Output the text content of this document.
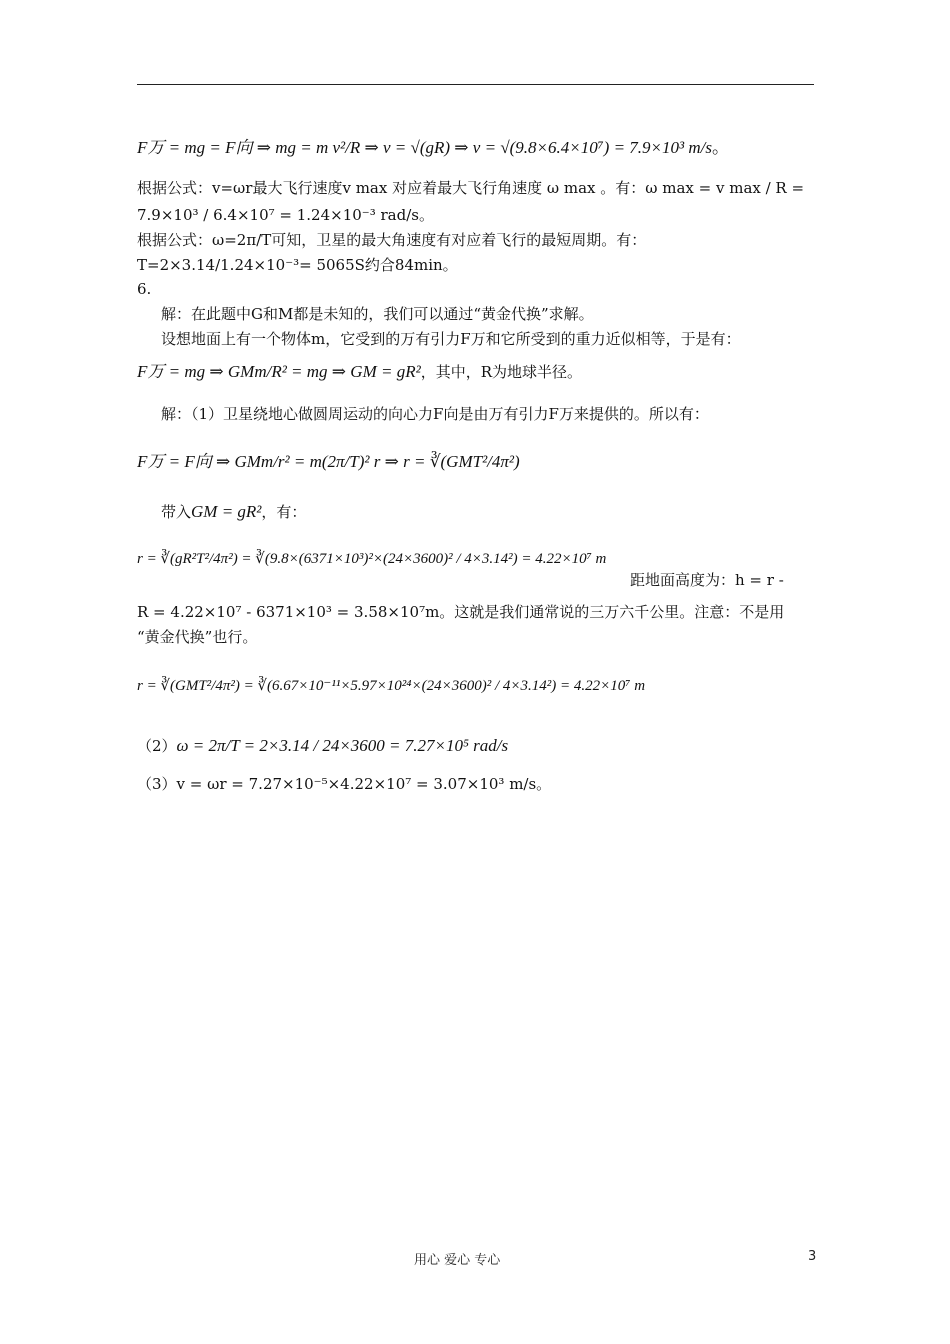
F万 = mg = F向 ⇒ mg = m v²/R ⇒ v = √(gR) ⇒ v = √(9.8×6.4×10⁷) = 7.9×10³ m/s。
根据公式：v=ωr最大飞行速度v max 对应着最大飞行角速度 ω max 。有：ω max = v max / R =
7.9×10³ / 6.4×10⁷ = 1.24×10⁻³ rad/s。
根据公式：ω=2π/T可知，卫星的最大角速度有对应着飞行的最短周期。有：
T=2×3.14/1.24×10⁻³= 5065S约合84min。
6.
解：在此题中G和M都是未知的，我们可以通过“黄金代换”求解。
设想地面上有一个物体m，它受到的万有引力F万和它所受到的重力近似相等，于是有：
F万 = mg ⇒ GMm/R² = mg ⇒ GM = gR²，其中，R为地球半径。
解：（1）卫星绕地心做圆周运动的向心力F向是由万有引力F万来提供的。所以有：
F万 = F向 ⇒ GMm/r² = m(2π/T)² r ⇒ r = ∛(GMT²/4π²)
带入GM = gR²，有：
r = ∛(gR²T²/4π²) = ∛(9.8×(6371×10³)²×(24×3600)² / 4×3.14²) = 4.22×10⁷ m
距地面高度为：h = r -
R = 4.22×10⁷ - 6371×10³ = 3.58×10⁷m。这就是我们通常说的三万六千公里。注意：不是用
“黄金代换”也行。
r = ∛(GMT²/4π²) = ∛(6.67×10⁻¹¹×5.97×10²⁴×(24×3600)² / 4×3.14²) = 4.22×10⁷ m
（2）ω = 2π/T = 2×3.14 / 24×3600 = 7.27×10⁵ rad/s
（3）v = ωr = 7.27×10⁻⁵×4.22×10⁷ = 3.07×10³ m/s。
用心 爱心 专心	3
